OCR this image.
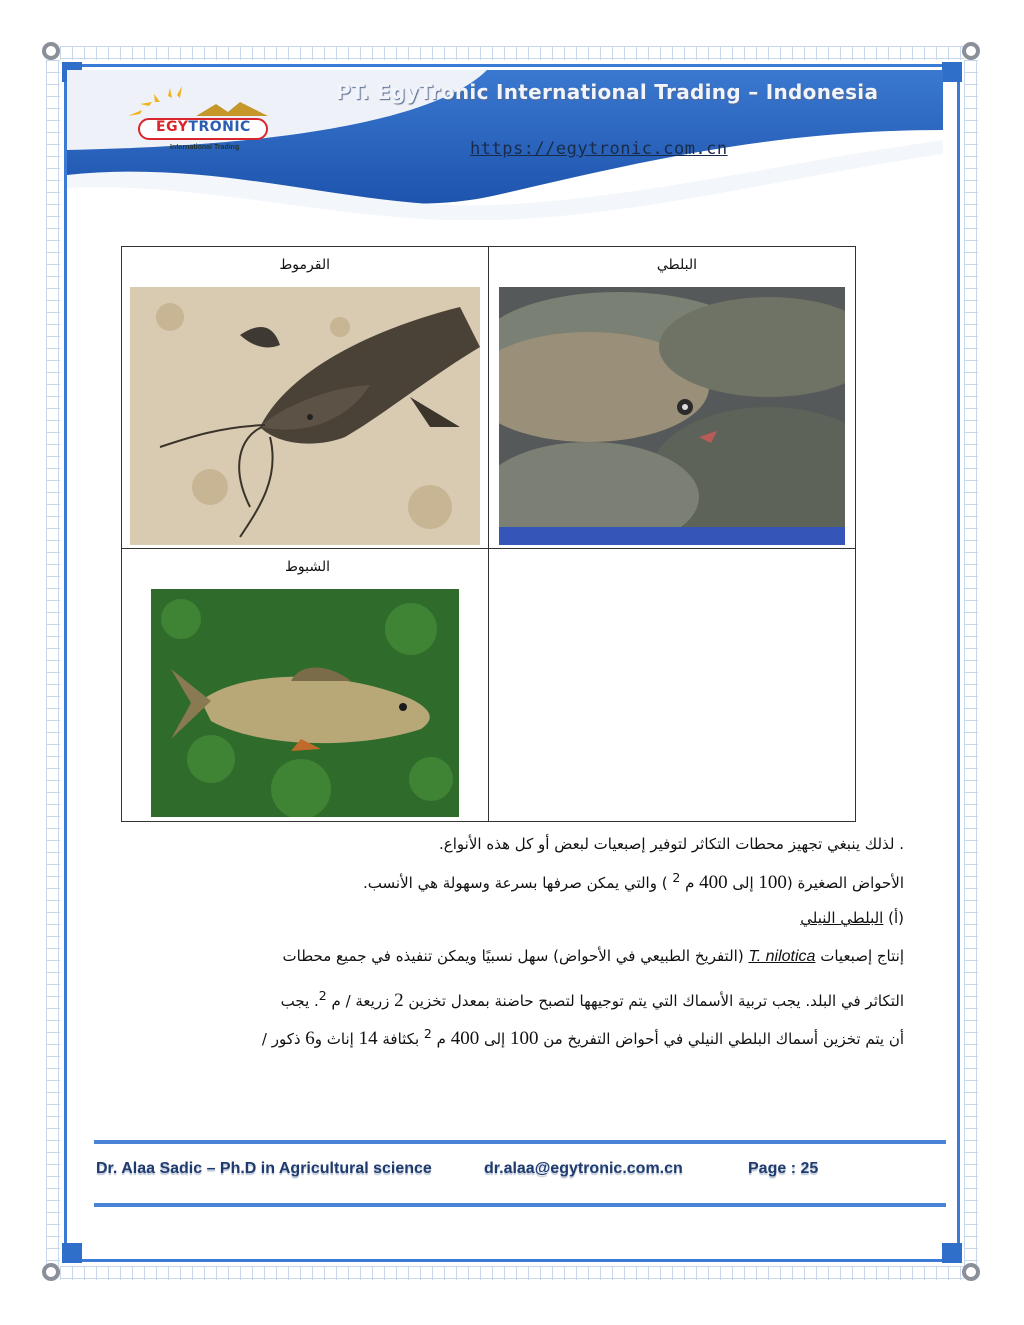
EGYTRONIC
International Trading
PT. EgyTronic International Trading – Indonesia
https://egytronic.com.cn
القرموط	البلطي

الشبوط	

. لذلك ينبغي تجهيز محطات التكاثر لتوفير إصبعيات لبعض أو كل هذه الأنواع.
الأحواض الصغيرة (100 إلى 400 م $^2$ ) والتي يمكن صرفها بسرعة وسهولة هي الأنسب.
(أ) البلطي النيلي
إنتاج إصبعيات T. nilotica (التفريخ الطبيعي في الأحواض) سهل نسبيًا ويمكن تنفيذه في جميع محطات
التكاثر في البلد. يجب تربية الأسماك التي يتم توجيهها لتصبح حاضنة بمعدل تخزين 2 زريعة / م $^2$. يجب
أن يتم تخزين أسماك البلطي النيلي في أحواض التفريخ من 100 إلى 400 م $^2$ بكثافة 14 إناث و6 ذكور /
Dr. Alaa Sadic – Ph.D in Agricultural science	dr.alaa@egytronic.com.cn	Page : 25
